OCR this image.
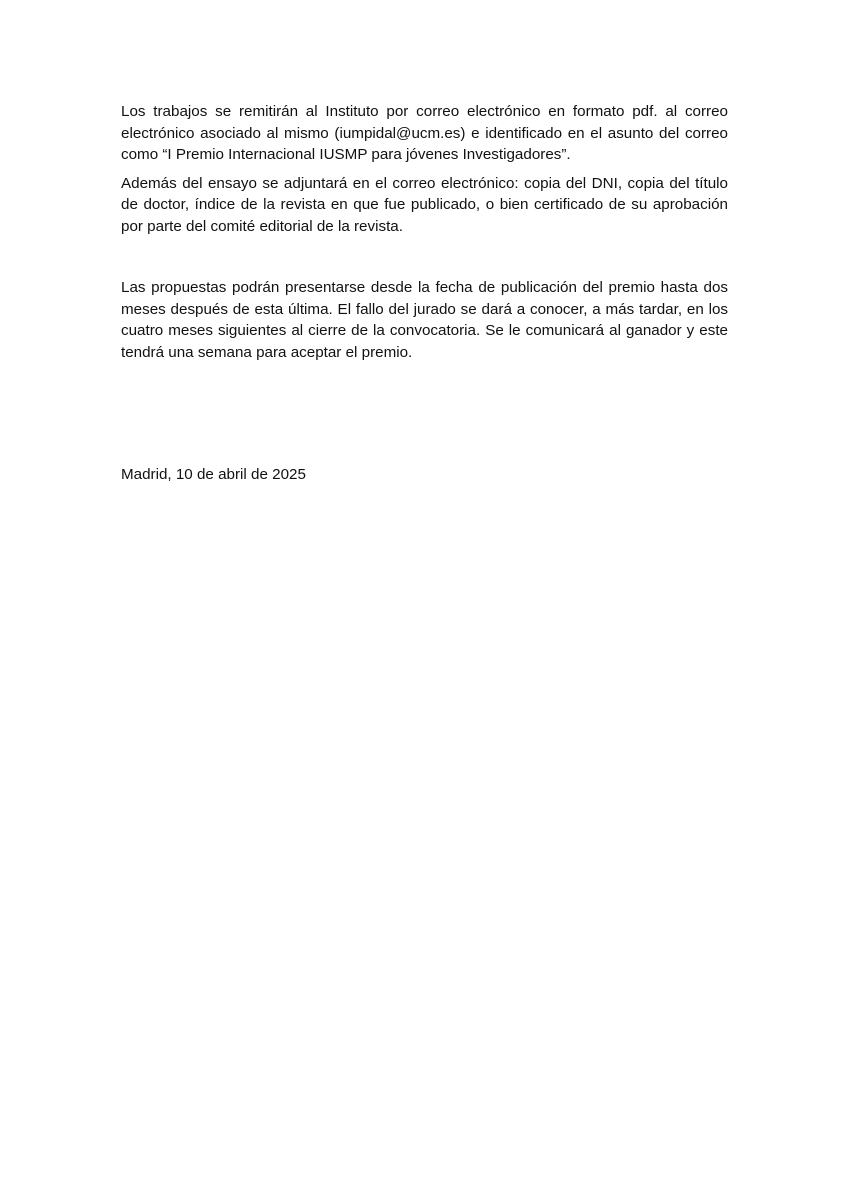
Los trabajos se remitirán al Instituto por correo electrónico en formato pdf. al correo electrónico asociado al mismo (iumpidal@ucm.es) e identificado en el asunto del correo como “I Premio Internacional IUSMP para jóvenes Investigadores”.

Además del ensayo se adjuntará en el correo electrónico: copia del DNI, copia del título de doctor, índice de la revista en que fue publicado, o bien certificado de su aprobación por parte del comité editorial de la revista.

Las propuestas podrán presentarse desde la fecha de publicación del premio hasta dos meses después de esta última. El fallo del jurado se dará a conocer, a más tardar, en los cuatro meses siguientes al cierre de la convocatoria. Se le comunicará al ganador y este tendrá una semana para aceptar el premio.

Madrid, 10 de abril de 2025
